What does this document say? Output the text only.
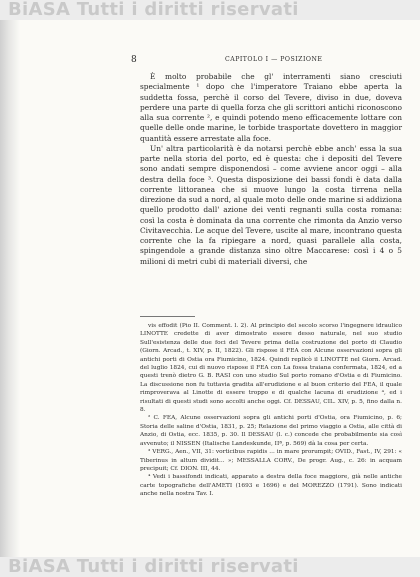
BiASA Tutti i diritti riservati
8	CAPITOLO I — POSIZIONE

È molto probabile che gl' interramenti siano cresciuti specialmente ¹ dopo che l'imperatore Traiano ebbe aperta la suddetta fossa, perchè il corso del Tevere, diviso in due, doveva perdere una parte di quella forza che gli scrittori antichi riconoscono alla sua corrente ², e quindi potendo meno efficacemente lottare con quelle delle onde marine, le torbide trasportate dovettero in maggior quantità essere arrestate alla foce.

Un' altra particolarità è da notarsi perchè ebbe anch' essa la sua parte nella storia del porto, ed è questa: che i depositi del Tevere sono andati sempre disponendosi – come avviene ancor oggi – alla destra della foce ³. Questa disposizione dei bassi fondi è data dalla corrente littoranea che si muove lungo la costa tirrena nella direzione da sud a nord, al quale moto delle onde marine si addiziona quello prodotto dall' azione dei venti regnanti sulla costa romana: così la costa è dominata da una corrente che rimonta da Anzio verso Civitavecchia. Le acque del Tevere, uscite al mare, incontrano questa corrente che la fa ripiegare a nord, quasi parallele alla costa, spingendole a grande distanza sino oltre Maccarese: così i 4 o 5 milioni di metri cubi di materiali diversi, che

vis effodit (Pio II. Comment. l. 2). Al principio del secolo scorso l'ingegnere idraulico LINOTTE credette di aver dimostrato essere desso naturale, nel suo studio Sull'esistenza delle due foci del Tevere prima della costruzione del porto di Claudio (Giorn. Arcad., t. XIV, p. II, 1822). Gli rispose il FEA con Alcune osservazioni sopra gli antichi porti di Ostia ora Fiumicino, 1824. Quindi replicò il LINOTTE nel Giorn. Arcad. del luglio 1824, cui di nuovo rispose il FEA con La fossa traiana confermata, 1824, ed a questi trenò dietro G. B. RASI con uno studio Sul porto romano d'Ostia e di Fiumicino. La discussione non fu tuttavia gradita all'erudizione e al buon criterio del FEA, il quale rimproverava al Linotte di essere troppo e di qualche lacuna di erudizione ⁴, ed i risultati di questi studi sono accolti anche oggi. Cf. DESSAU, CIL. XIV, p. 5, fino dalla n. 8.

² C. FEA, Alcune osservazioni sopra gli antichi porti d'Ostia, ora Fiumicino, p. 6; Storia delle saline d'Ostia, 1831, p. 25; Relazione del primo viaggio a Ostia, alle città di Anzio, di Ostia, ecc. 1835, p. 30. Il DESSAU (l. c.) concede che probabilmente sia così avvenuto; il NISSEN (Italische Landeskunde, IIª, p. 569) dà la cosa per certa.

³ VERG., Aen., VII, 31: vorticibus rapidis ... in mare prorumpit; OVID., Fast., IV, 291: « Tiberinus in altum dividit... »; MESSALLA CORV., De progr. Aug., c. 26: in acquam precipuit; Cf. DION. III, 44.

⁴ Vedi i bassifondi indicati, apparato a destra della foce maggiore, già nelle antiche carte topografiche dell'AMETI (1693 e 1696) e del MOREZZO (1791). Sono indicati anche nella nostra Tav. I.

BiASA Tutti i diritti riservati
